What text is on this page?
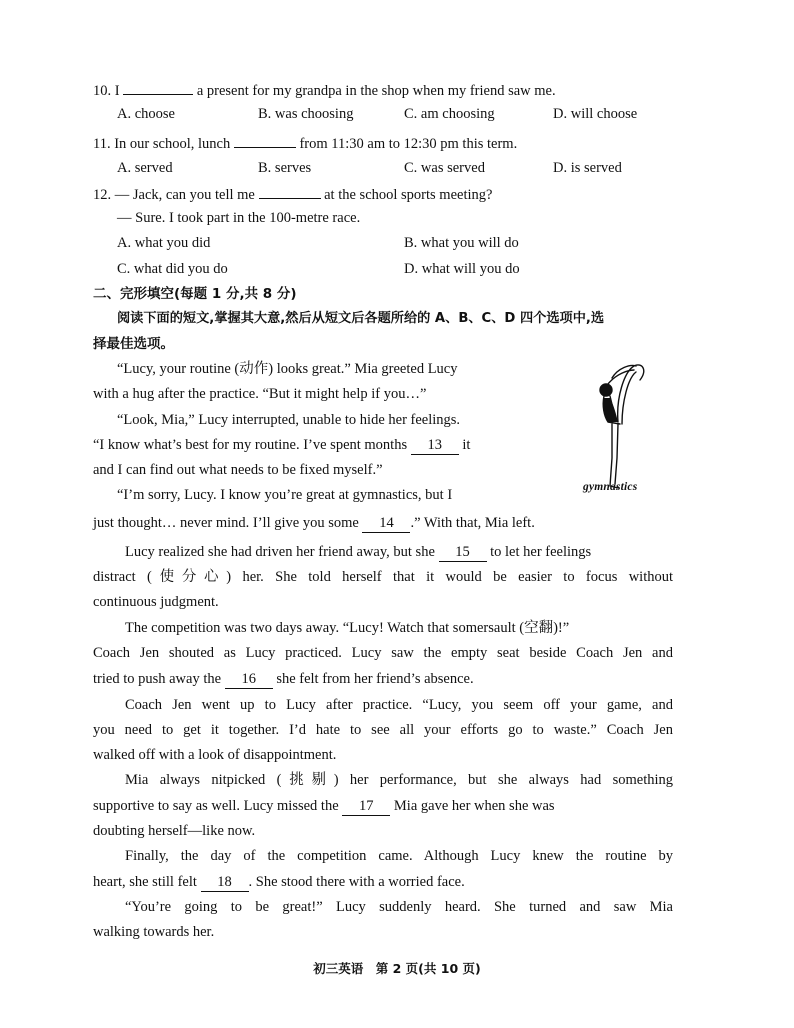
10. I	a present for my grandpa in the shop when my friend saw me.
A. choose	B. was choosing	C. am choosing	D. will choose
11. In our school, lunch	from 11:30 am to 12:30 pm this term.
A. served	B. serves	C. was served	D. is served
12. — Jack, can you tell me	at the school sports meeting?
— Sure. I took part in the 100-metre race.
A. what you did	B. what you will do
C. what did you do	D. what will you do
二、完形填空(每题 1 分,共 8 分)
阅读下面的短文,掌握其大意,然后从短文后各题所给的 A、B、C、D 四个选项中,选
择最佳选项。
gymnastics
“Lucy, your routine (动作) looks great.” Mia greeted Lucy
with a hug after the practice. “But it might help if you…”
“Look, Mia,” Lucy interrupted, unable to hide her feelings.
“I know what’s best for my routine. I’ve spent months 13 it
and I can find out what needs to be fixed myself.”
“I’m sorry, Lucy. I know you’re great at gymnastics, but I
just thought… never mind. I’ll give you some 14 .” With that, Mia left.
Lucy realized she had driven her friend away, but she 15 to let her feelings
distract (使分心) her. She told herself that it would be easier to focus without
continuous judgment.
The competition was two days away. “Lucy! Watch that somersault (空翻)!”
Coach Jen shouted as Lucy practiced. Lucy saw the empty seat beside Coach Jen and
tried to push away the 16 she felt from her friend’s absence.
Coach Jen went up to Lucy after practice. “Lucy, you seem off your game, and
you need to get it together. I’d hate to see all your efforts go to waste.” Coach Jen
walked off with a look of disappointment.
Mia always nitpicked (挑剔) her performance, but she always had something
supportive to say as well. Lucy missed the 17 Mia gave her when she was
doubting herself—like now.
Finally, the day of the competition came. Although Lucy knew the routine by
heart, she still felt 18 . She stood there with a worried face.
“You’re going to be great!” Lucy suddenly heard. She turned and saw Mia
walking towards her.
初三英语　第 2 页(共 10 页)
